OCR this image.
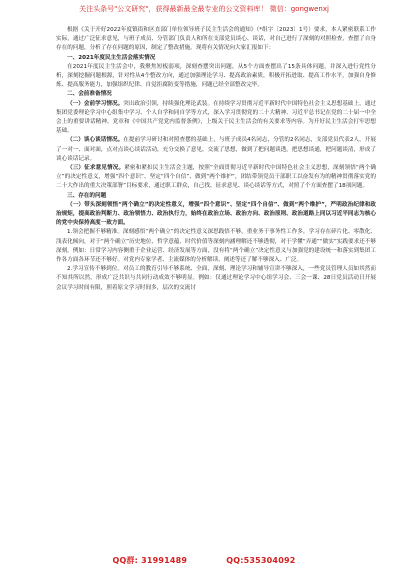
关注头条号"公文研究"，获得最新最全最专业的公文资料库！ 微信：gongwenxj

根据《关于开好2022年度镇街和区直部门单位领导班子民主生活会的通知》（*组字〔2023〕1号）要求，本人紧密联系工作实际，通过广泛征求意见，与班子成员、分管部门负责人和所在支部党员谈心、谈话，对自己进行了深刻的对照检查，查摆了自身存在的问题，分析了存在问题的原因，制定了整改措施。现将有关情况向大家汇报如下：

一、2021年度民主生活会落实情况

在2021年度民主生活会中，我聚焦短板弱项，深刻查摆突出问题，从5个方面查摆出了15条具体问题，并深入进行党性分析，深刻挖掘问题根源，针对性从4个整改方向，通过加强理论学习、提高政治素质，积极开拓进取、提高工作水平，加强自身修炼、提高服务能力，加强组织纪律、自觉拒腐防变等措施，问题已经全部整改完毕。

二、会前准备情况

（一）会前学习情况。突出政治引领，持续强化理论武装。在持续学习贯彻习近平新时代中国特色社会主义思想基础上，通过集团党委理论学习中心组集中学习、个人自学和同自学等方式，深入学习贯彻党的二十大精神、习近平总书记在党的二十届一中全会上的重要讲话精神、党章和《中国共产党党内监督条例》，上级关于民主生活会的有关要求等内容。为开好民主生活会打牢思想基础。

（二）谈心谈话情况。在提前学习研讨和对照查摆的基础上，与班子成员4名同志，分管的2名同志，支部党员代表2人，开展了一对一、面对面，点对点谈心谈话活动，充分交换了意见，交流了思想，做到了把问题谈透，把思想谈通，把问题谈清，形成了谈心谈话记录。

（三）征求意见情况。紧密和紧扣民主生活会主题，按照“全面贯彻习近平新时代中国特色社会主义思想，深刻领悟“两个确立”的决定性意义，增强“四个意识”、坚定“四个自信”、做到“两个维护”，团结带领党员干部职工以奋发有为的精神贯彻落实党的二十大作出的重大决策部署”目标要求，通过职工群众，自己找、征求意见、谈心谈话等方式，对照了个方面查摆了18项问题。

三、存在的问题

（一）带头深刻领悟“两个确立”的决定性意义，增强“四个意识”、坚定“四个自信”、做到“两个维护”，严明政治纪律和政治规矩，提高政治判断力、政治领悟力、政治执行力，始终在政治立场、政治方向、政治原则、政治道路上同以习近平同志为核心的党中央保持高度一致方面。

1.领会把握不够精准。深刻感悟“两个确立”的决定性意义深思践悟不够，重业务干事务性工作多，学习存在碎片化、零散化、浅表化倾向，对于“两个确立”历史地位、哲学意蕴、时代价值等深刻内涵理解还不够透彻，对于学懂“弄通”“做实”实践要求还不够深刻。例如：日常学习内容侧重于企业运营、经济发展等方面，没有将“两个确立”决定性意义与加强党的建设统一和落实到集团工作各方面各环节还不够好。对党内专家学者、主流媒体的分析解读、阐述等还了解不够深入、广泛。

2.学习宣传不够到位。对员工的教育引导不够系统、全面，深刻、理论学习和辅导宣讲不够深入，一些党员管理人员如其然而不知其所以然，形成广泛共识与共同行动成效不够明显。例如：仅通过理论学习中心组学习会、三会一课、28日党员活动日开展会议学习时间有限，照着原文学习时间多，层次的交流讨

QQ群: 31991489	QQ:535304092
